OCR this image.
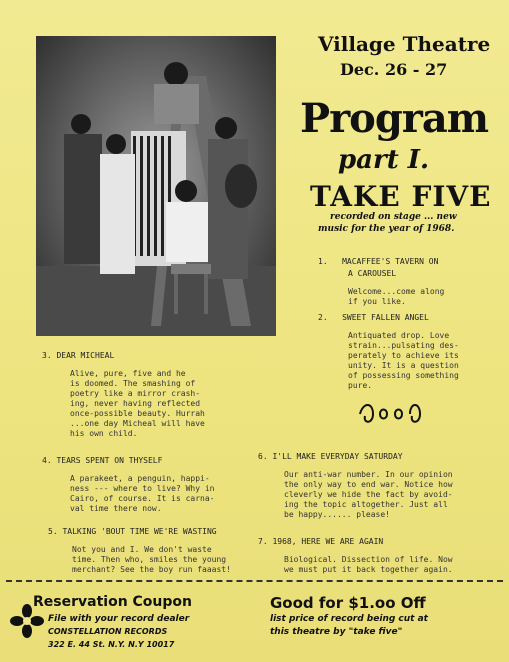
Village Theatre
Dec. 26 - 27
Program
part I.
TAKE FIVE
recorded on stage ... new
music for the year of 1968.
1. MACAFFEE'S TAVERN ON
A CAROUSEL
Welcome...come along
if you like.
2. SWEET FALLEN ANGEL
Antiquated drop. Love
strain...pulsating des-
perately to achieve its
unity. It is a question
of possessing something
pure.
3. DEAR MICHEAL
Alive, pure, five and he
is doomed. The smashing of
poetry like a mirror crash-
ing, never having reflected
once-possible beauty. Hurrah
...one day Micheal will have
his own child.
4. TEARS SPENT ON THYSELF
A parakeet, a penguin, happi-
ness --- where to live? Why in
Cairo, of course. It is carna-
val time there now.
5. TALKING 'BOUT TIME WE'RE WASTING
Not you and I. We don't waste
time. Then who, smiles the young
merchant? See the boy run faaast!
6. I'LL MAKE EVERYDAY SATURDAY
Our anti-war number. In our opinion
the only way to end war. Notice how
cleverly we hide the fact by avoid-
ing the topic altogether. Just all
be happy...... please!
7. 1968, HERE WE ARE AGAIN
Biological. Dissection of life. Now
we must put it back together again.
Reservation Coupon
File with your record dealer
CONSTELLATION RECORDS
322 E. 44 St. N.Y. N.Y 10017
Good for $1.oo Off
list price of record being cut at
this theatre by "take five"
